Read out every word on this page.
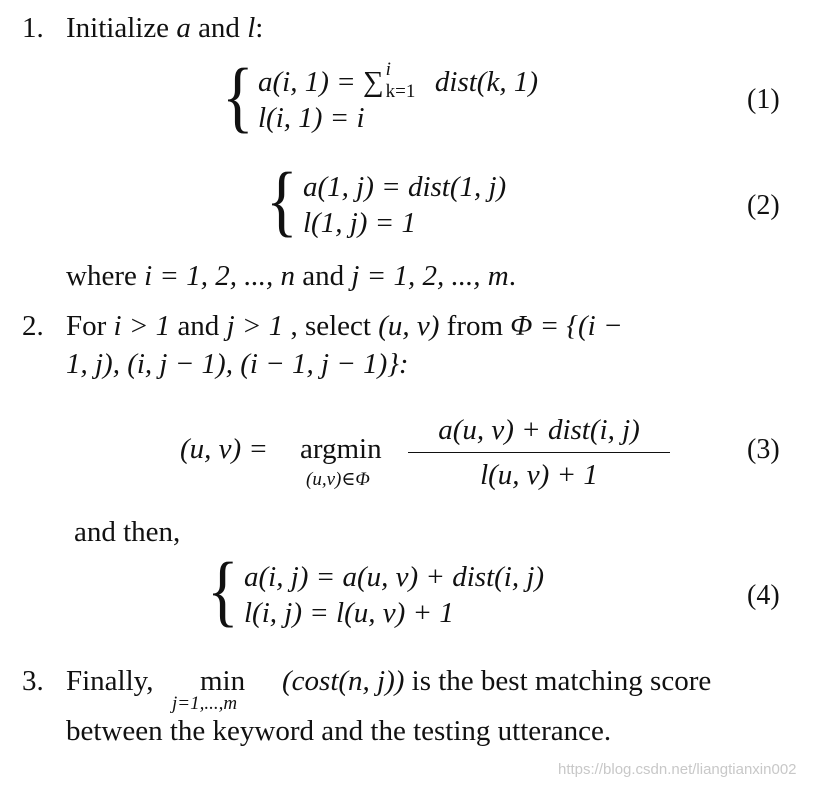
1. Initialize a and l:
{ a(i, 1) = ∑ i
k=1 dist(k, 1)
l(i, 1) = i
(1)
{ a(1, j) = dist(1, j)
l(1, j) = 1
(2)
where i = 1, 2, ..., n and j = 1, 2, ..., m.
2. For i > 1 and j > 1 , select (u, v) from Φ = {(i −
1, j), (i, j − 1), (i − 1, j − 1)}:
(u, v) = argmin
(u,v)∈Φ
a(u, v) + dist(i, j)
l(u, v) + 1
(3)
and then,
{ a(i, j) = a(u, v) + dist(i, j)
l(i, j) = l(u, v) + 1
(4)
3. Finally, min
j=1,...,m
(cost(n, j)) is the best matching score
between the keyword and the testing utterance.
https://blog.csdn.net/liangtianxin002
